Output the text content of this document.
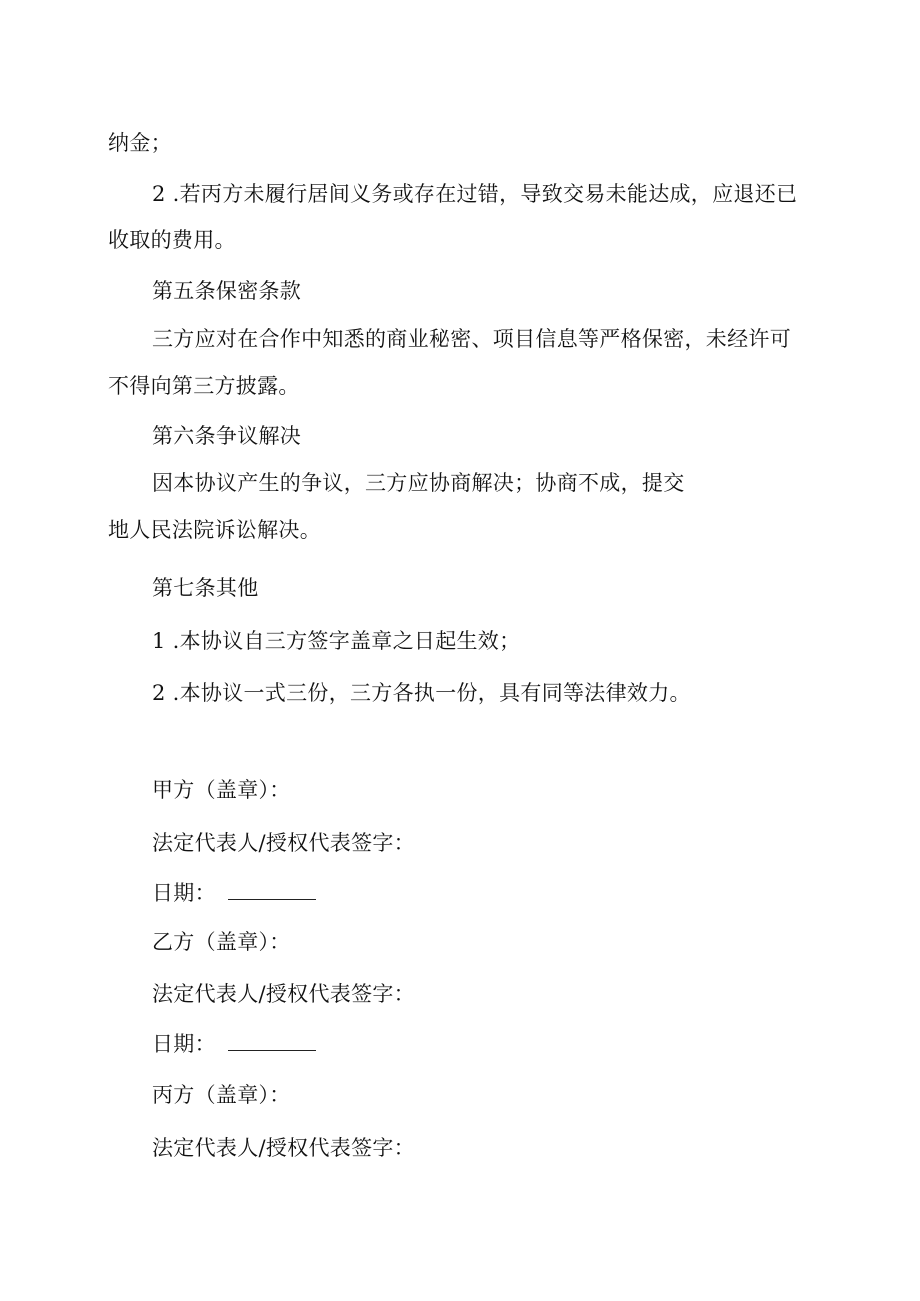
纳金；
2 .若丙方未履行居间义务或存在过错，导致交易未能达成，应退还已
收取的费用。
第五条保密条款
三方应对在合作中知悉的商业秘密、项目信息等严格保密，未经许可
不得向第三方披露。
第六条争议解决
因本协议产生的争议，三方应协商解决；协商不成，提交
地人民法院诉讼解决。
第七条其他
1 .本协议自三方签字盖章之日起生效；
2 .本协议一式三份，三方各执一份，具有同等法律效力。
甲方（盖章）：
法定代表人/授权代表签字：
日期：
乙方（盖章）：
法定代表人/授权代表签字：
日期：
丙方（盖章）：
法定代表人/授权代表签字：
